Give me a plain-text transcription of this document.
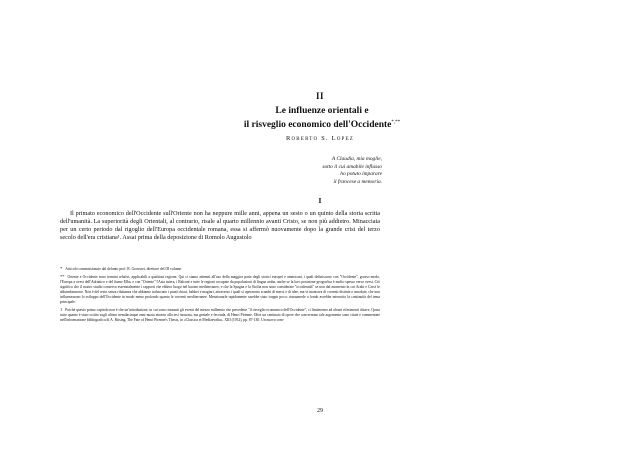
II
Le influenze orientali e
il risveglio economico dell'Occidente*,**
Roberto S. Lopez
A Claudia, mia moglie,
sotto il cui amabile influsso
ho potuto imparare
il francese a memoria.
I

Il primato economico dell'Occidente sull'Oriente non ha neppure mille anni, appena un sesto o un quinto della storia scritta dell'umanità. La superiorità degli Orientali, al contrario, risale al quarto millennio avanti Cristo, se non più addietro. Minacciata per un certo periodo dal rigoglio dell'Europa occidentale romana, essa si affermò nuovamente dopo la grande crisi del terzo secolo dell'era cristiana¹. Assai prima della deposizione di Romolo Augustolo

* Articolo commissionato dal defunto prof. R. Grousset, direttore del III volume.

** Oriente e Occidente sono termini relativi, applicabili a qualsiasi regione. Qui ci siamo attenuti all'uso della maggior parte degli storici europei e americani, i quali definiscono con "Occidente", grosso modo, l'Europa a ovest dell'Adriatico e del fiume Elba, e con "Oriente" l'Asia intera, i Balcani e tutte le regioni occupate da popolazioni di lingua araba, anche se la loro posizione geografica è molto spesso verso ovest. Ciò significa che il nostro studio conserva essenzialmente i rapporti che ebbero luogo nel bacino mediterraneo, e che la Spagna e la Sicilia non sono considerate "occidentali" se non dal momento in cui Arabi e Greci le abbandonarono. Non è del resto senza riluttanza che abbiamo tralasciato i punti chiari, babbei e magiari, attraverso i quali si operarono scambi di merci e di idee, ma vi mancava di correnti distinte e assodate, che non influenzarono lo sviluppo dell'Occidente in modo meno profondo quanto le correnti mediterranee. Menzionarle rapidamente sarebbe stato troppo poco; riassumerle a fondo avrebbe interrotto la continuità del tema principale.

1 Poiché questo primo capitolo non è che un'introduzione, in cui sono riassunti gli eventi del mezzo millennio che precedette "il risveglio economico dell'Occidente", ci limiteremo ad alcuni riferimenti chiave. Quasi tutto quanto è stato scritto sugli ultimi tremilacinque anni nuota attorno alla tesi incurata, ma geniale e feconda, di Henri Pirenne. Oltre un centinaio di opere che concernono tale argomento sono citate e commentate nell'informazione bibliografica di A. Riising, The Fate of Henri Pirenne's Thesis, in «Classica et Mediaevalia», XIII (1952), pp. 87-130. Un nuovo com-

29
